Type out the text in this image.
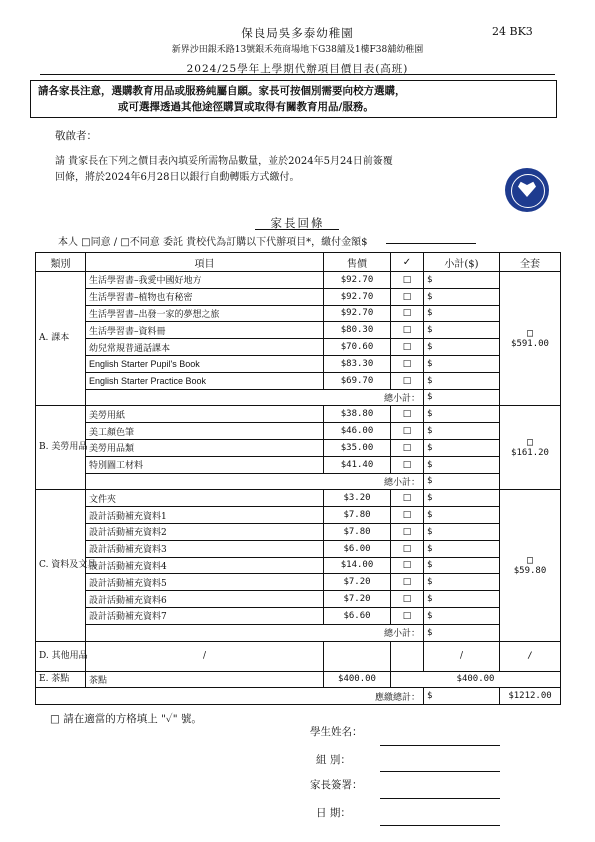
保良局吳多泰幼稚園	24 BK3
新界沙田銀禾路13號銀禾苑商場地下G38舖及1樓F38舖幼稚園
2024/25學年上學期代辦項目價目表(高班)
請各家長注意，選購教育用品或服務純屬自願。家長可按個別需要向校方選購，
或可選擇透過其他途徑購買或取得有關教育用品/服務。
敬啟者：
請 貴家長在下列之價目表內填妥所需物品數量，並於2024年5月24日前簽覆
回條，將於2024年6月28日以銀行自動轉賬方式繳付。
家長回條
本人 □同意 / □不同意 委託 貴校代為訂購以下代辦項目*，繳付金額$
類別	項目	售價	✓	小計($)	全套
A. 課本	生活學習書–我愛中國好地方	$92.70	□	$	□
$591.00
	生活學習書–植物也有秘密	$92.70	□	$	
	生活學習書–出發一家的夢想之旅	$92.70	□	$	
	生活學習書–資料冊	$80.30	□	$	
	幼兒常規普通話課本	$70.60	□	$	
	English Starter Pupil's Book	$83.30	□	$	
	English Starter Practice Book	$69.70	□	$	
	總小計：			$	
B. 美勞用品	美勞用紙	$38.80	□	$	□
$161.20
	美工顏色筆	$46.00	□	$	
	美勞用品類	$35.00	□	$	
	特別圖工材料	$41.40	□	$	
	總小計：			$	
C. 資料及文具	文件夾	$3.20	□	$	□
$59.80
	設計活動補充資料1	$7.80	□	$	
	設計活動補充資料2	$7.80	□	$	
	設計活動補充資料3	$6.00	□	$	
	設計活動補充資料4	$14.00	□	$	
	設計活動補充資料5	$7.20	□	$	
	設計活動補充資料6	$7.20	□	$	
	設計活動補充資料7	$6.60	□	$	
	總小計：			$	
D. 其他用品	/			/	/
E. 茶點	茶點	$400.00	$400.00		
應繳總計：				$	$1212.00
□ 請在適當的方格填上 "✓" 號。
學生姓名：
組 別：
家長簽署：
日 期：
